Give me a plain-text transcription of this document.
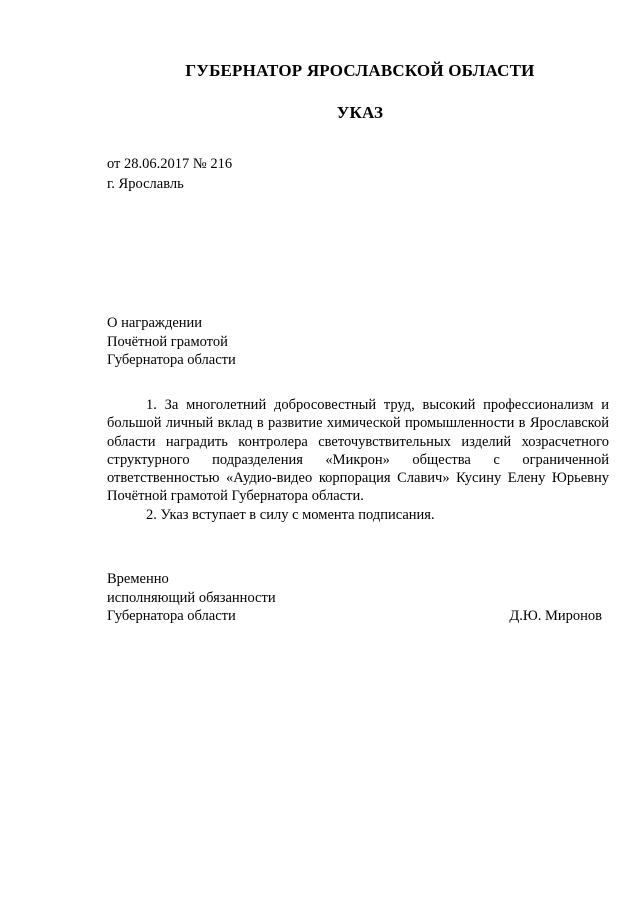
ГУБЕРНАТОР ЯРОСЛАВСКОЙ ОБЛАСТИ
УКАЗ
от 28.06.2017 № 216
г. Ярославль
О награждении
Почётной грамотой
Губернатора области

1. За многолетний добросовестный труд, высокий профессионализм и большой личный вклад в развитие химической промышленности в Ярославской области наградить контролера светочувствительных изделий хозрасчетного структурного подразделения «Микрон» общества с ограниченной ответственностью «Аудио-видео корпорация Славич» Кусину Елену Юрьевну Почётной грамотой Губернатора области.

2. Указ вступает в силу с момента подписания.

Временно
исполняющий обязанности
Губернатора области	Д.Ю. Миронов
